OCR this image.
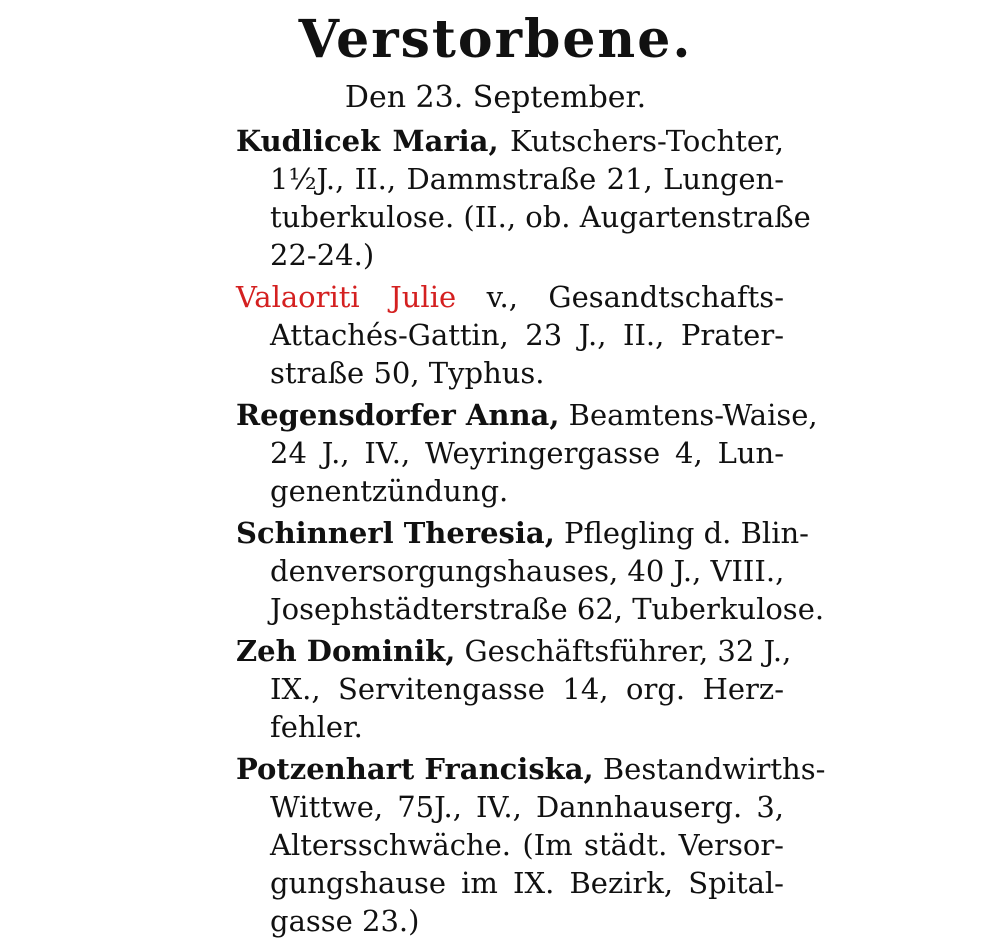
Verstorbene.
Den 23. September.
Kudlicek Maria, Kutschers-Tochter,
1½J., II., Dammstraße 21, Lungen-
tuberkulose. (II., ob. Augartenstraße
22-24.)
Valaoriti Julie v., Gesandtschafts-
Attachés-Gattin, 23 J., II., Prater-
straße 50, Typhus.
Regensdorfer Anna, Beamtens-Waise,
24 J., IV., Weyringergasse 4, Lun-
genentzündung.
Schinnerl Theresia, Pflegling d. Blin-
denversorgungshauses, 40 J., VIII.,
Josephstädterstraße 62, Tuberkulose.
Zeh Dominik, Geschäftsführer, 32 J.,
IX., Servitengasse 14, org. Herz-
fehler.
Potzenhart Franciska, Bestandwirths-
Wittwe, 75J., IV., Dannhauserg. 3,
Altersschwäche. (Im städt. Versor-
gungshause im IX. Bezirk, Spital-
gasse 23.)
